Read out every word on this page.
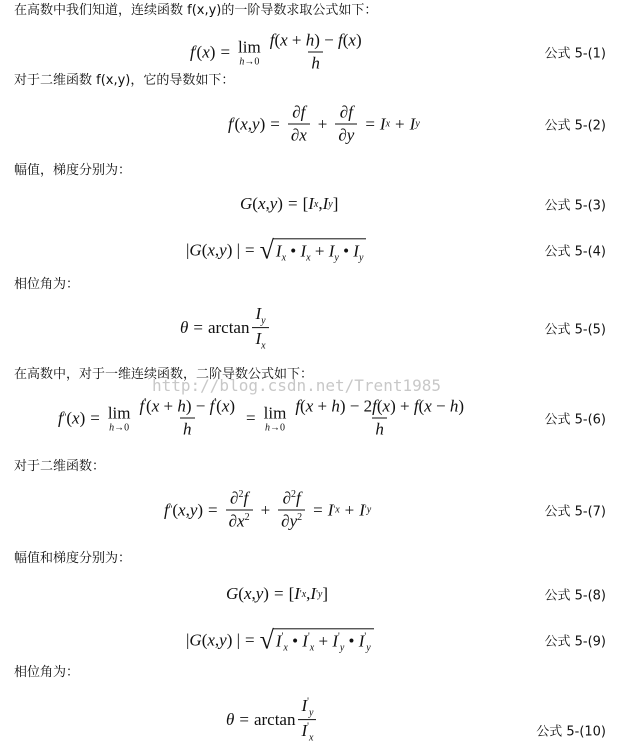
在高数中我们知道，连续函数 f(x,y)的一阶导数求取公式如下：
f ' ( x ) = lim
$h\to 0 \frac{f(x + h) - f(x)}{h}$	公式 5-(1)
对于二维函数 f(x,y)，它的导数如下：
f ' ( x , y ) = $\frac{\partial f}{\partial x} + \frac{\partial f}{\partial y} = I$ x + I y	公式 5-(2)
幅值，梯度分别为：
G ( x , y ) = [ I x , I y ]	公式 5-(3)
| G ( x , y ) | = √ $I_x$ • $I_x + I_y$ • $I_y$	公式 5-(4)
相位角为：
$\theta = \arctan \frac{I_y}{I_x}$	公式 5-(5)
在高数中，对于一维连续函数，二阶导数公式如下：
http://blog.csdn.net/Trent1985
f '' ( x ) = lim
$h\to 0 \frac{f'(x + h) - f'(x)}{h} = \lim$
$h\to 0 \frac{f(x + h) - 2f(x) + f(x - h)}{h}$	公式 5-(6)
对于二维函数：
f '' ( x , y ) = $\frac{\partial^2f}{\partial x^2} + \frac{\partial^2f}{\partial y^2} = I$ ' x + I ' y	公式 5-(7)
幅值和梯度分别为：
G ( x , y ) = [ I ' x , I ' y ]	公式 5-(8)
| G ( x , y ) | = √ $I'_x$ • $I'_x + I'_y$ • $I'_y$	公式 5-(9)
相位角为：
$\theta = \arctan \frac{I'_y}{I'_x}$	公式 5-(10)
